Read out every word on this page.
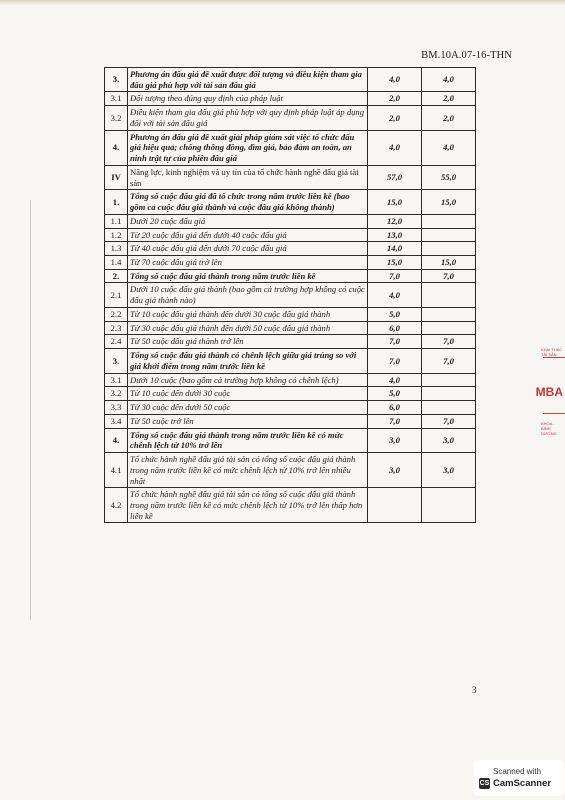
BM.10A.07-16-THN
3.	Phương án đấu giá đề xuất được đối tượng và điều kiện tham gia đấu giá phù hợp với tài sản đấu giá	4,0	4,0
3.1	Đối tượng theo đúng quy định của pháp luật	2,0	2,0
3.2	Điều kiện tham gia đấu giá phù hợp với quy định pháp luật áp dụng đối với tài sản đấu giá	2,0	2,0
4.	Phương án đấu giá đề xuất giải pháp giám sát việc tổ chức đấu giá hiệu quả; chống thông đồng, dìm giá, bảo đảm an toàn, an ninh trật tự của phiên đấu giá	4,0	4,0
IV	Năng lực, kinh nghiệm và uy tín của tổ chức hành nghề đấu giá tài sản	57,0	55,0
1.	Tổng số cuộc đấu giá đã tổ chức trong năm trước liền kề (bao gồm cả cuộc đấu giá thành và cuộc đấu giá không thành)	15,0	15,0
1.1	Dưới 20 cuộc đấu giá	12,0	
1.2	Từ 20 cuộc đấu giá đến dưới 40 cuộc đấu giá	13,0	
1.3	Từ 40 cuộc đấu giá đến dưới 70 cuộc đấu giá	14,0	
1.4	Từ 70 cuộc đấu giá trở lên	15,0	15,0
2.	Tổng số cuộc đấu giá thành trong năm trước liền kề	7,0	7,0
2.1	Dưới 10 cuộc đấu giá thành (bao gồm cả trường hợp không có cuộc đấu giá thành nào)	4,0	
2.2	Từ 10 cuộc đấu giá thành đến dưới 30 cuộc đấu giá thành	5,0	
2.3	Từ 30 cuộc đấu giá thành đến dưới 50 cuộc đấu giá thành	6,0	
2.4	Từ 50 cuộc đấu giá thành trở lên	7,0	7,0
3.	Tổng số cuộc đấu giá thành có chênh lệch giữa giá trúng so với giá khởi điểm trong năm trước liền kề	7,0	7,0
3.1	Dưới 10 cuộc (bao gồm cả trường hợp không có chênh lệch)	4,0	
3.2	Từ 10 cuộc đến dưới 30 cuộc	5,0	
3.3	Từ 30 cuộc đến dưới 50 cuộc	6,0	
3.4	Từ 50 cuộc trở lên	7,0	7,0
4.	Tổng số cuộc đấu giá thành trong năm trước liền kề có mức chênh lệch từ 10% trở lên	3,0	3,0
4.1	Tổ chức hành nghề đấu giá tài sản có tổng số cuộc đấu giá thành trong năm trước liền kề có mức chênh lệch từ 10% trở lên nhiều nhất	3,0	3,0
4.2	Tổ chức hành nghề đấu giá tài sản có tổng số cuộc đấu giá thành trong năm trước liền kề có mức chênh lệch từ 10% trở lên thấp hơn liền kề		
3
KHAI THÁC TÀI SẢN
MBA
KHOA - BÌNH DƯƠNG
Scanned with
CS CamScanner
